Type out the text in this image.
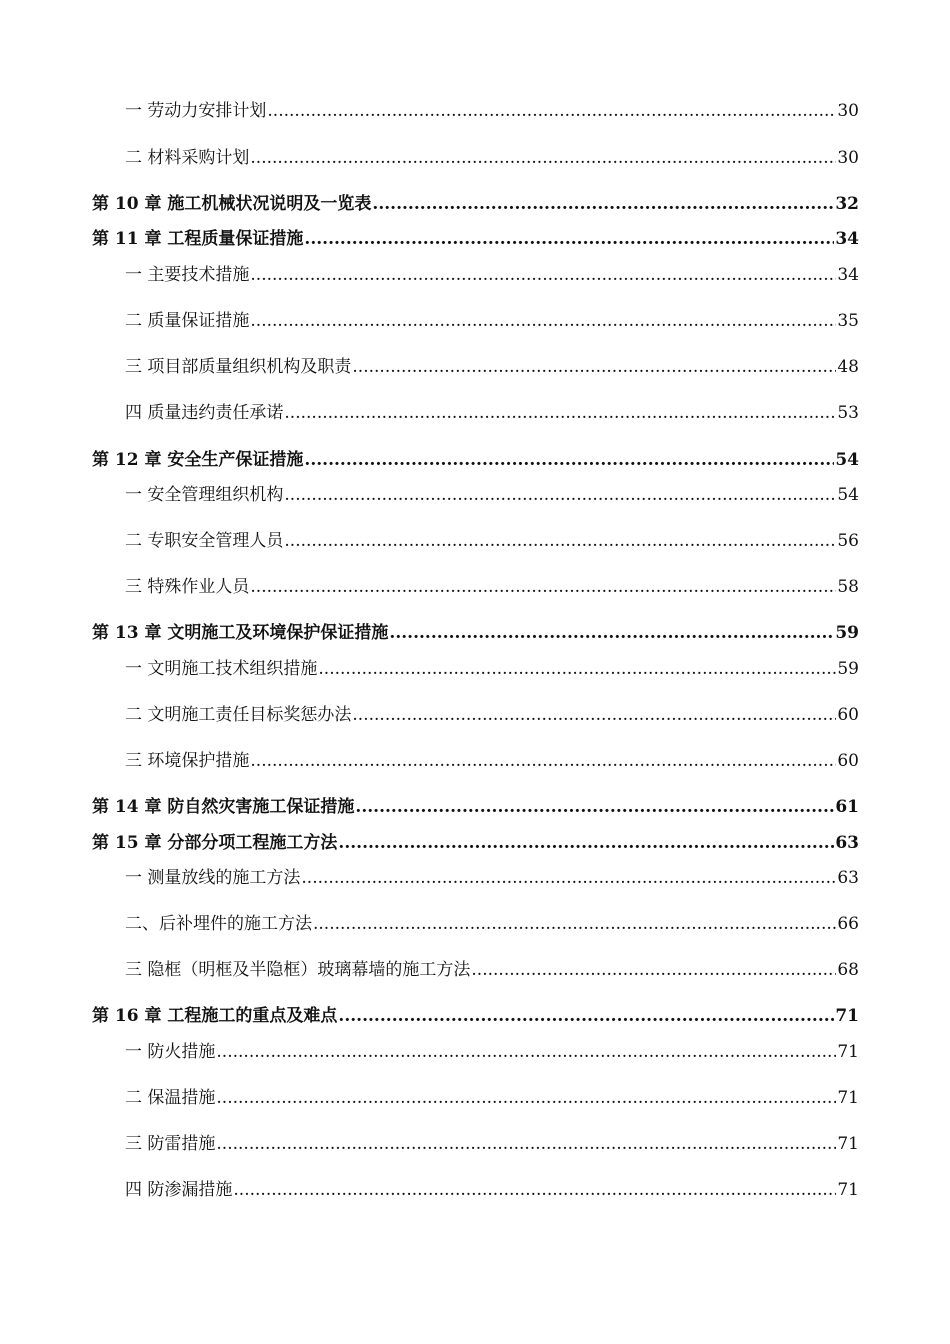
一 劳动力安排计划 .....	30
二 材料采购计划 .....	30
第 10 章 施工机械状况说明及一览表 .....	32
第 11 章 工程质量保证措施 .....	34
一 主要技术措施 .....	34
二 质量保证措施 .....	35
三 项目部质量组织机构及职责 .....	48
四 质量违约责任承诺 .....	53
第 12 章 安全生产保证措施 .....	54
一 安全管理组织机构 .....	54
二 专职安全管理人员 .....	56
三 特殊作业人员 .....	58
第 13 章 文明施工及环境保护保证措施 .....	59
一 文明施工技术组织措施 .....	59
二 文明施工责任目标奖惩办法 .....	60
三 环境保护措施 .....	60
第 14 章 防自然灾害施工保证措施 .....	61
第 15 章 分部分项工程施工方法 .....	63
一 测量放线的施工方法 .....	63
二、后补埋件的施工方法 .....	66
三 隐框（明框及半隐框）玻璃幕墙的施工方法 .....	68
第 16 章 工程施工的重点及难点 .....	71
一 防火措施 .....	71
二 保温措施 .....	71
三 防雷措施 .....	71
四 防渗漏措施 .....	71
